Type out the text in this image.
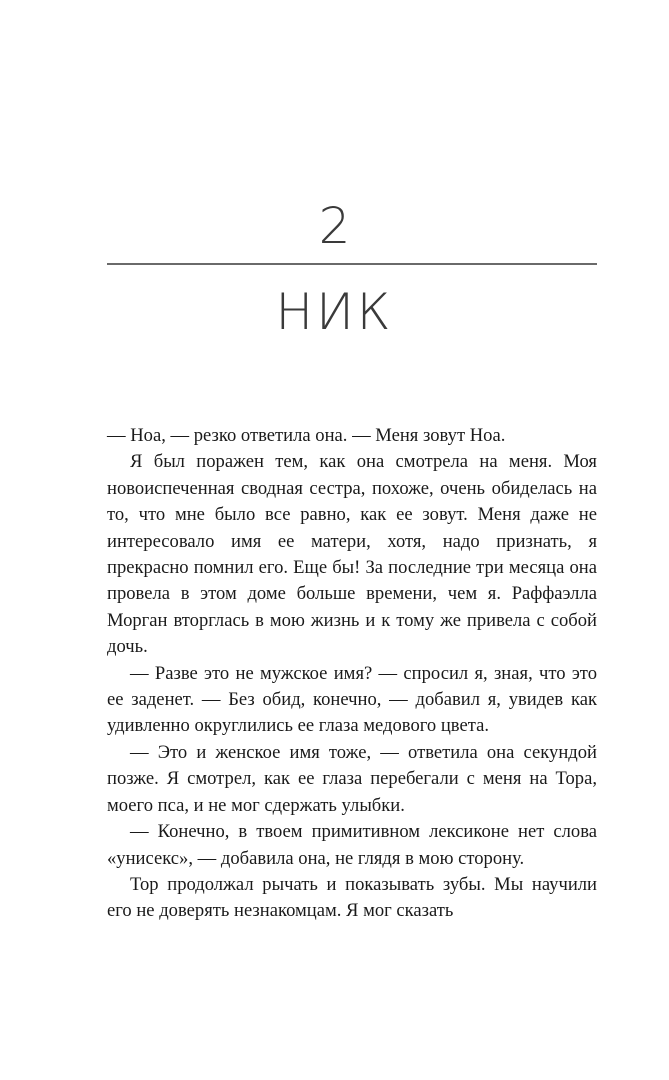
2
НИК

— Ноа, — резко ответила она. — Меня зовут Ноа.

Я был поражен тем, как она смотрела на меня. Моя новоиспеченная сводная сестра, похоже, очень обиделась на то, что мне было все равно, как ее зовут. Меня даже не интересовало имя ее матери, хотя, надо признать, я прекрасно помнил его. Еще бы! За последние три месяца она провела в этом доме больше времени, чем я. Раффаэлла Морган вторглась в мою жизнь и к тому же привела с собой дочь.

— Разве это не мужское имя? — спросил я, зная, что это ее заденет. — Без обид, конечно, — добавил я, увидев как удивленно округлились ее глаза медового цвета.

— Это и женское имя тоже, — ответила она секундой позже. Я смотрел, как ее глаза перебегали с меня на Тора, моего пса, и не мог сдержать улыбки.

— Конечно, в твоем примитивном лексиконе нет слова «унисекс», — добавила она, не глядя в мою сторону.

Тор продолжал рычать и показывать зубы. Мы научили его не доверять незнакомцам. Я мог сказать
